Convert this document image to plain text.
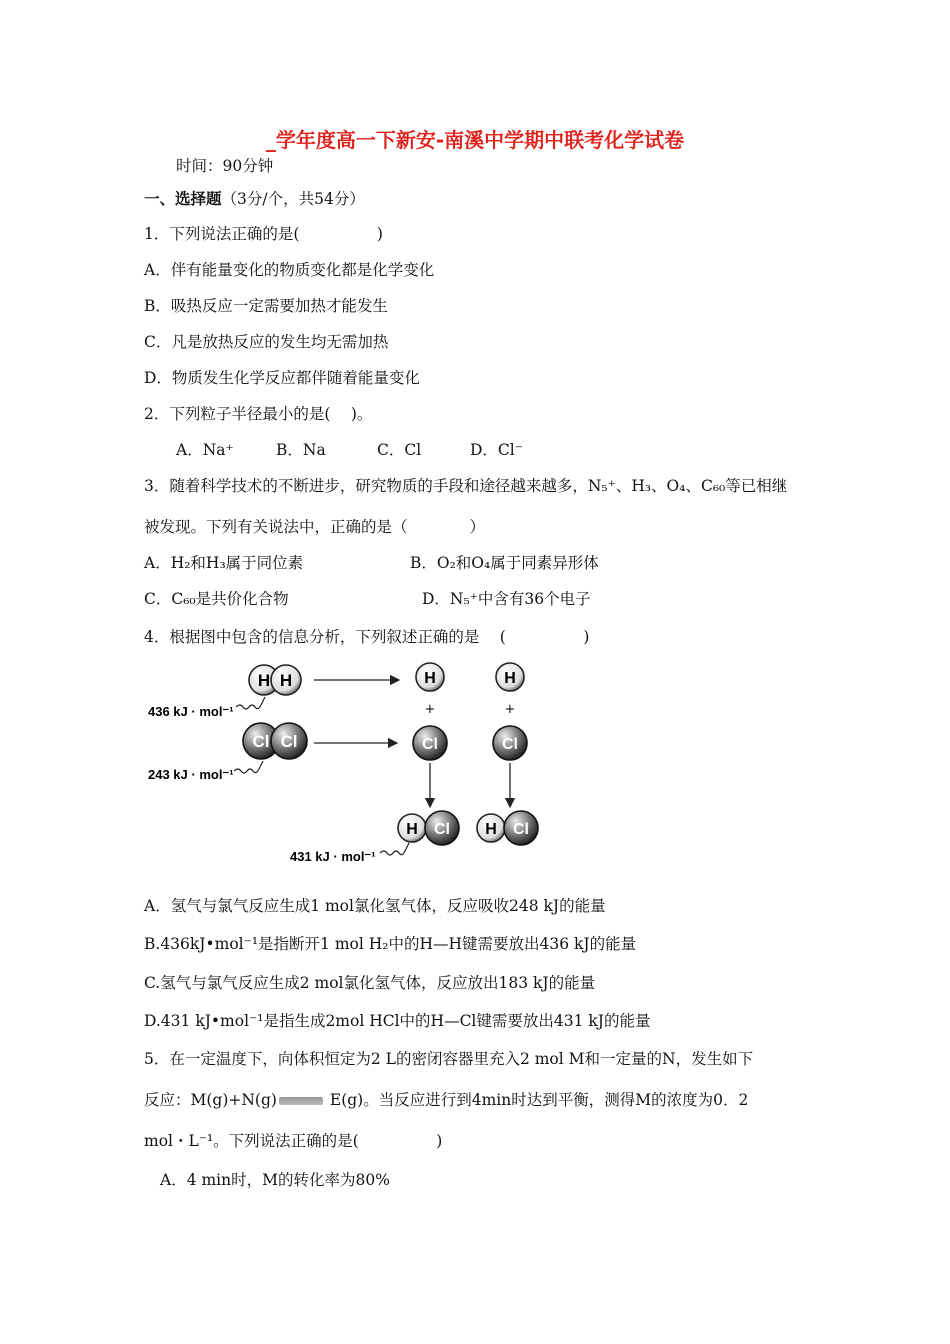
_学年度高一下新安-南溪中学期中联考化学试卷
时间：90分钟
一、选择题（3分/个，共54分）
1．下列说法正确的是(　　　　　)
A．伴有能量变化的物质变化都是化学变化
B．吸热反应一定需要加热才能发生
C．凡是放热反应的发生均无需加热
D．物质发生化学反应都伴随着能量变化
2．下列粒子半径最小的是(　 )。
A．Na⁺	B．Na	C．Cl	D．Cl⁻
3．随着科学技术的不断进步，研究物质的手段和途径越来越多，N₅⁺、H₃、O₄、C₆₀等已相继
被发现。下列有关说法中，正确的是（　　　　）
A．H₂和H₃属于同位素	B．O₂和O₄属于同素异形体
C．C₆₀是共价化合物	D．N₅⁺中含有36个电子
4．根据图中包含的信息分析，下列叙述正确的是　 (　　　　　)
H H
436 kJ · mol⁻¹
Cl Cl
243 kJ · mol⁻¹
H
+
Cl
H
+
Cl
H Cl H Cl
431 kJ · mol⁻¹
A．氢气与氯气反应生成1 mol氯化氢气体，反应吸收248 kJ的能量
B.436kJ•mol⁻¹是指断开1 mol H₂中的H—H键需要放出436 kJ的能量
C.氢气与氯气反应生成2 mol氯化氢气体，反应放出183 kJ的能量
D.431 kJ•mol⁻¹是指生成2mol HCl中的H—Cl键需要放出431 kJ的能量
5．在一定温度下，向体积恒定为2 L的密闭容器里充入2 mol M和一定量的N，发生如下
反应：M(g)+N(g)	E(g)。当反应进行到4min时达到平衡，测得M的浓度为0．2
mol・L⁻¹。下列说法正确的是(　　　　　)
A．4 min时，M的转化率为80%
